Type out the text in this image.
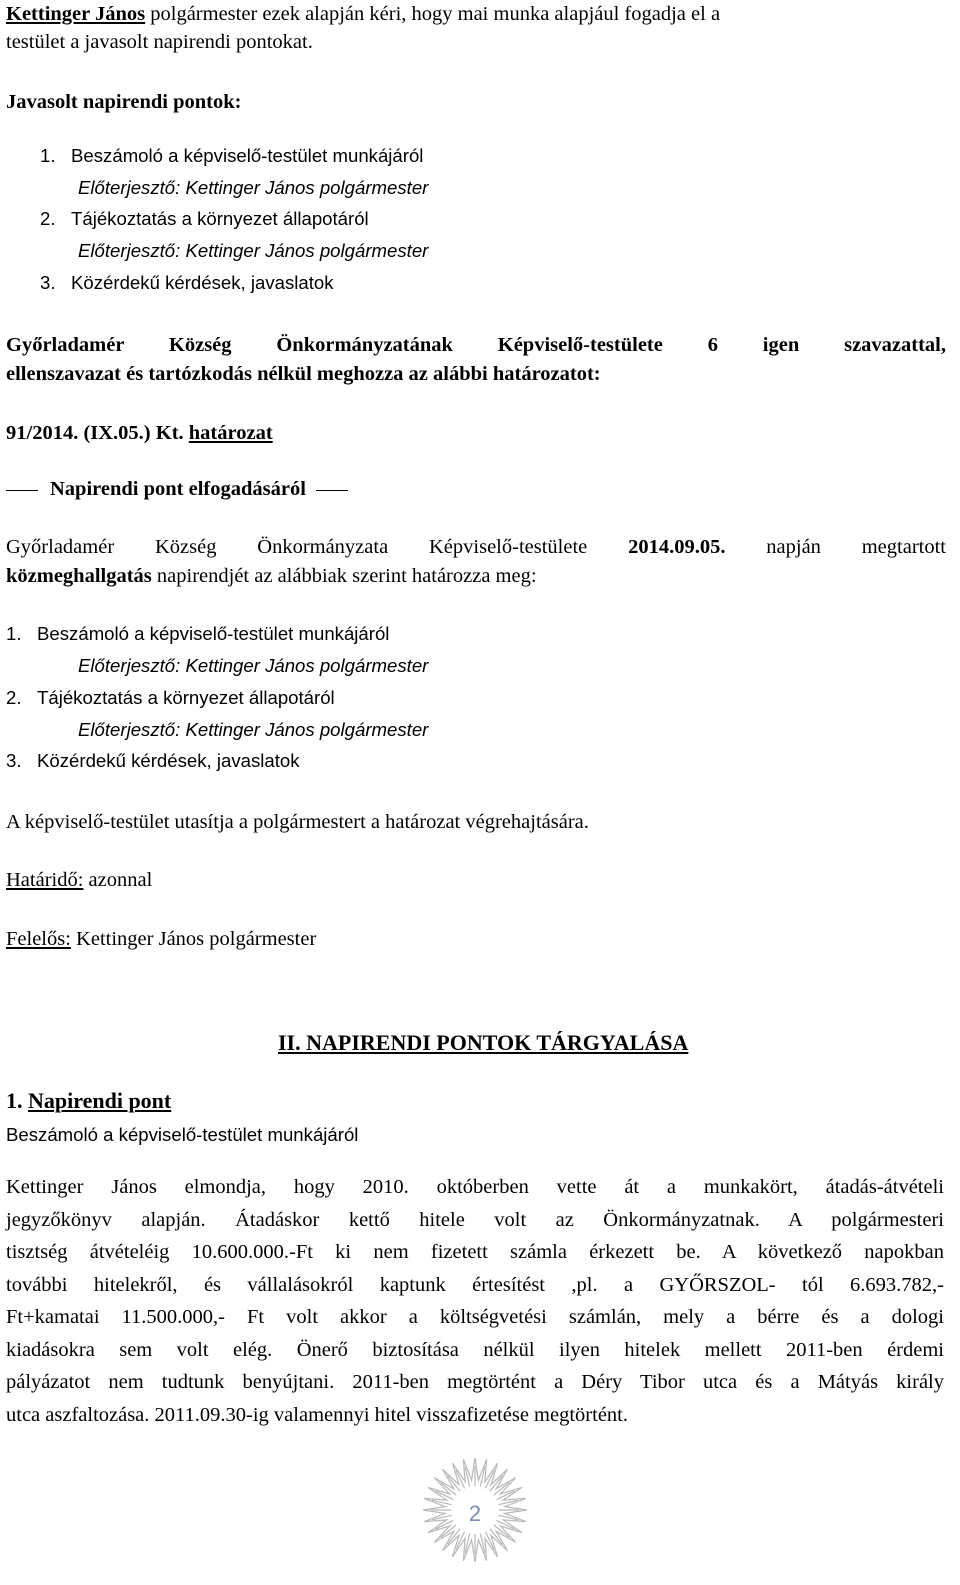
Kettinger János polgármester ezek alapján kéri, hogy mai munka alapjául fogadja el a
testület a javasolt napirendi pontokat.
Javasolt napirendi pontok:
1. Beszámoló a képviselő-testület munkájáról
Előterjesztő: Kettinger János polgármester
2. Tájékoztatás a környezet állapotáról
Előterjesztő: Kettinger János polgármester
3. Közérdekű kérdések, javaslatok
Győrladamér Község Önkormányzatának Képviselő-testülete 6 igen szavazattal,
ellenszavazat és tartózkodás nélkül meghozza az alábbi határozatot:
91/2014. (IX.05.) Kt. határozat
Napirendi pont elfogadásáról
Győrladamér Község Önkormányzata Képviselő-testülete 2014.09.05. napján megtartott
közmeghallgatás napirendjét az alábbiak szerint határozza meg:
1. Beszámoló a képviselő-testület munkájáról
Előterjesztő: Kettinger János polgármester
2. Tájékoztatás a környezet állapotáról
Előterjesztő: Kettinger János polgármester
3. Közérdekű kérdések, javaslatok
A képviselő-testület utasítja a polgármestert a határozat végrehajtására.
Határidő: azonnal
Felelős: Kettinger János polgármester
II. NAPIRENDI PONTOK TÁRGYALÁSA
1. Napirendi pont
Beszámoló a képviselő-testület munkájáról
Kettinger János elmondja, hogy 2010. októberben vette át a munkakört, átadás-átvételi
jegyzőkönyv alapján. Átadáskor kettő hitele volt az Önkormányzatnak. A polgármesteri
tisztség átvételéig 10.600.000.-Ft ki nem fizetett számla érkezett be. A következő napokban
további hitelekről, és vállalásokról kaptunk értesítést ,pl. a GYŐRSZOL- tól 6.693.782,-
Ft+kamatai 11.500.000,- Ft volt akkor a költségvetési számlán, mely a bérre és a dologi
kiadásokra sem volt elég. Önerő biztosítása nélkül ilyen hitelek mellett 2011-ben érdemi
pályázatot nem tudtunk benyújtani. 2011-ben megtörtént a Déry Tibor utca és a Mátyás király
utca aszfaltozása. 2011.09.30-ig valamennyi hitel visszafizetése megtörtént.
2
